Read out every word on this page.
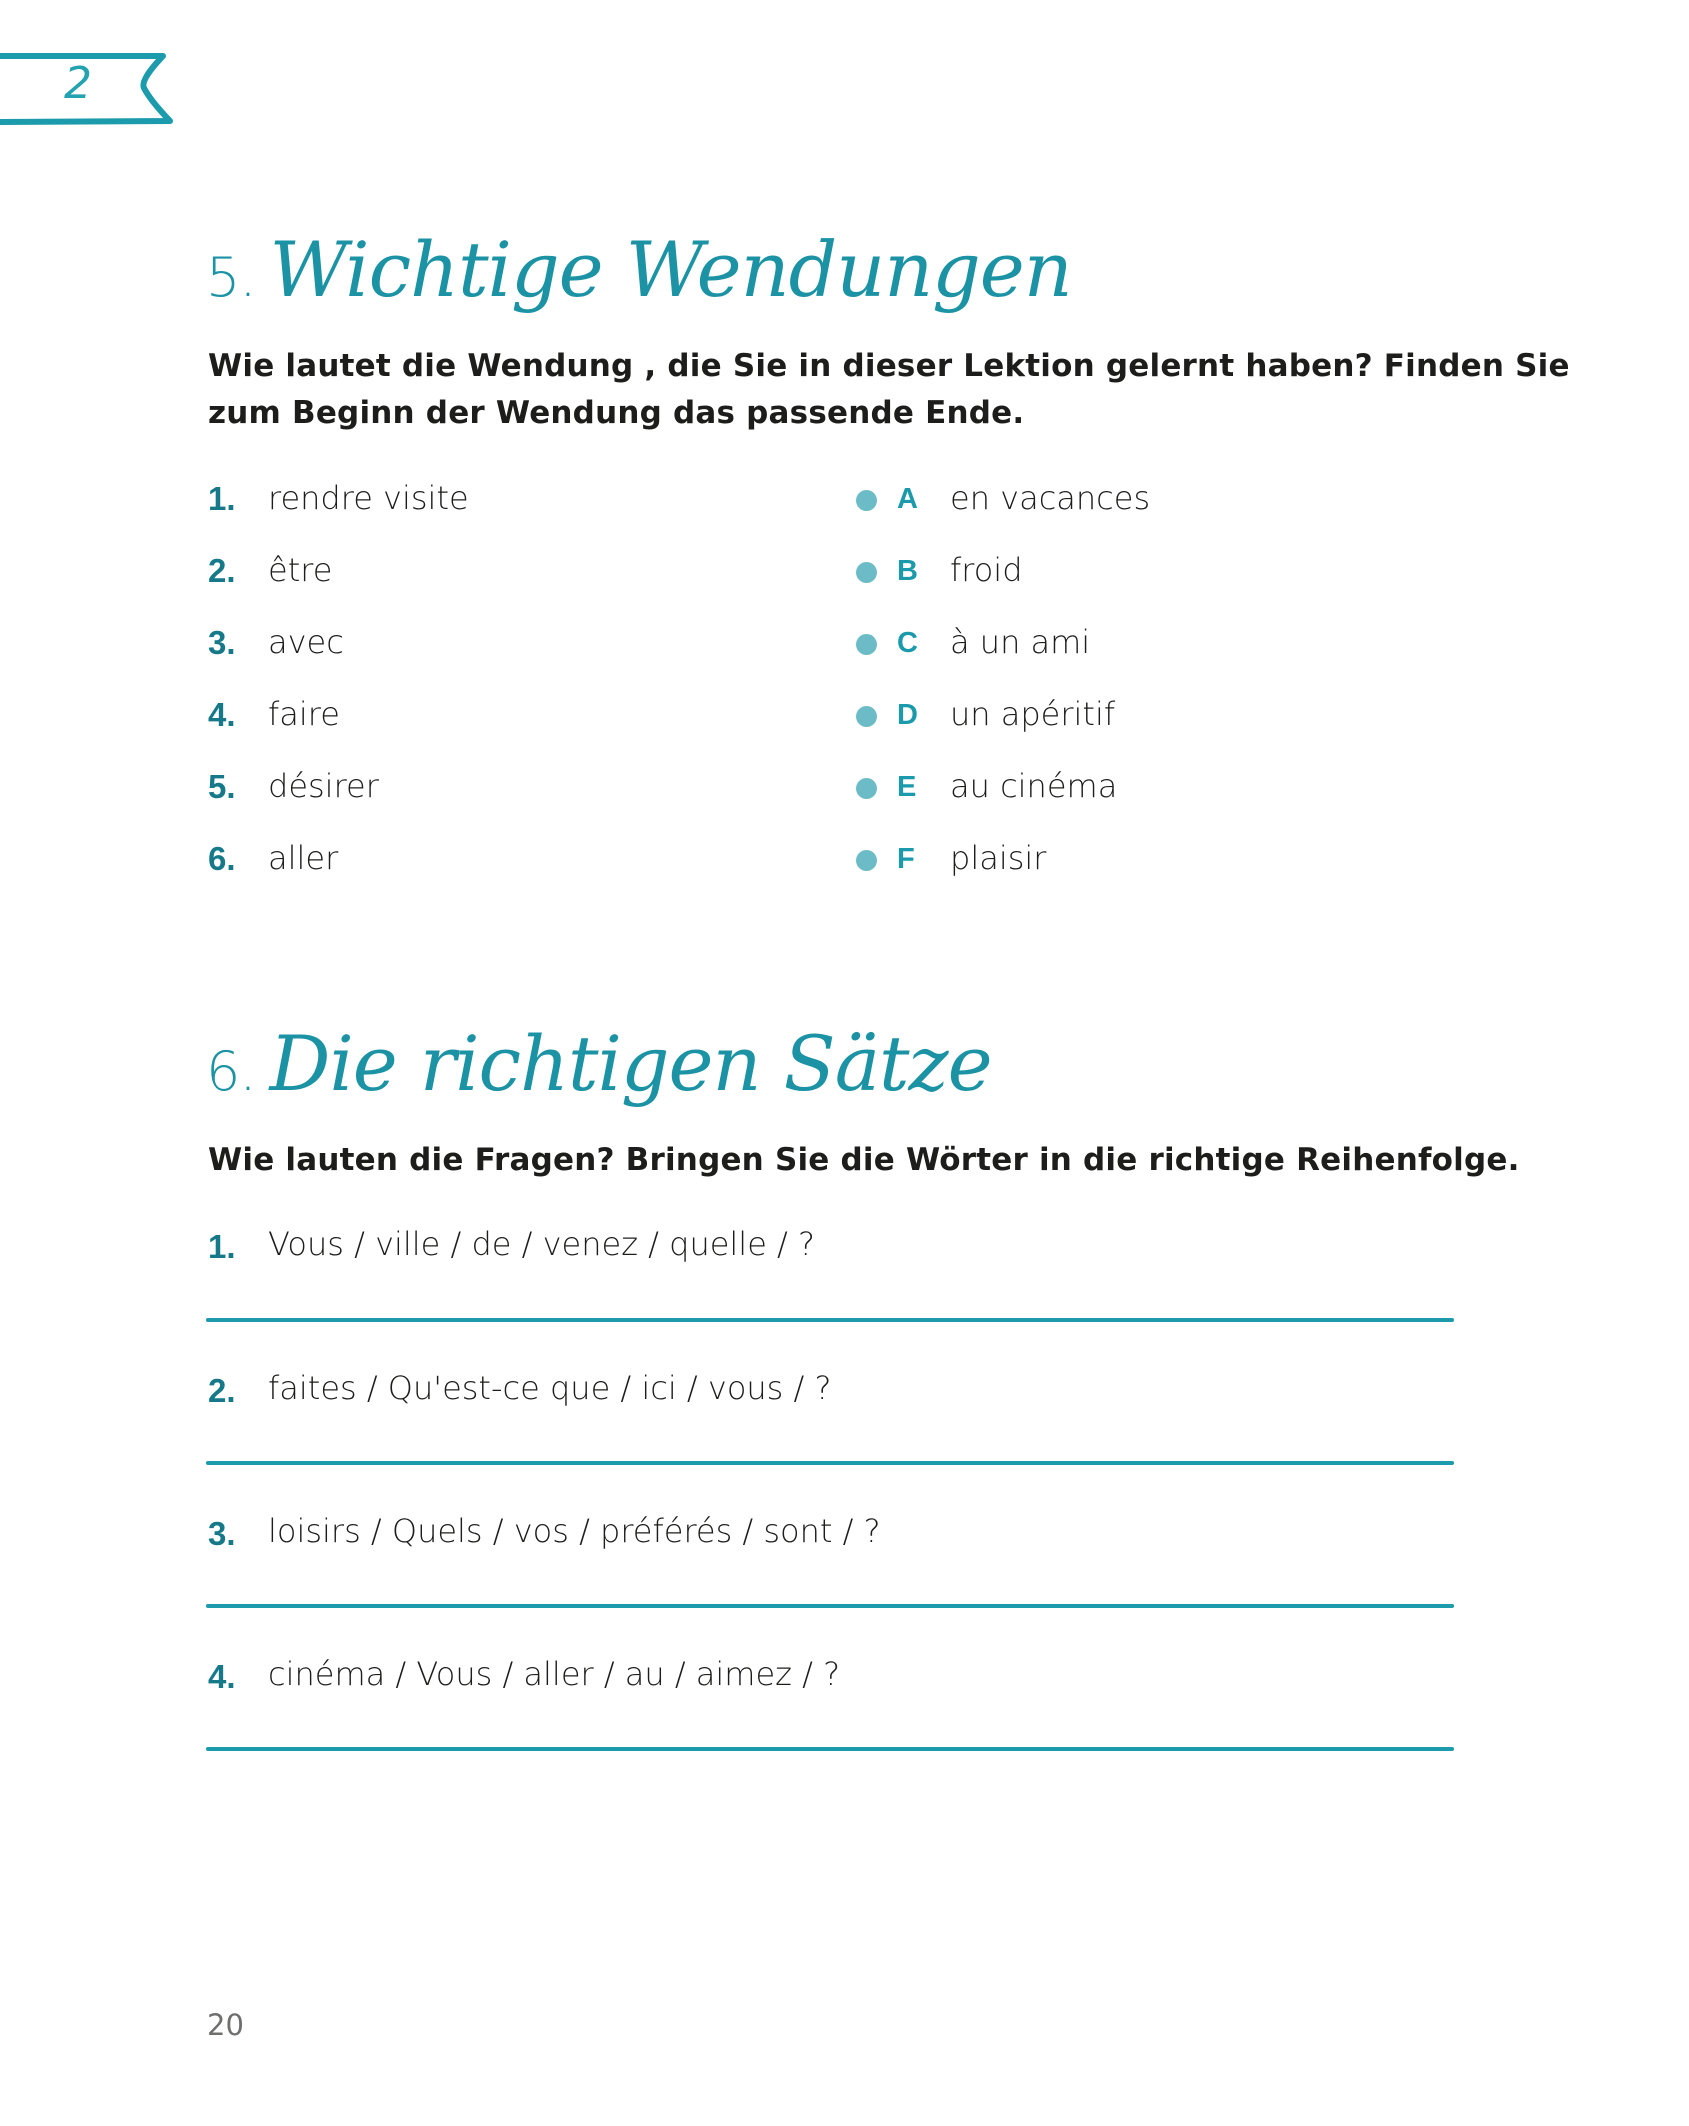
2
5. Wichtige Wendungen
Wie lautet die Wendung , die Sie in dieser Lektion gelernt haben? Finden Sie
zum Beginn der Wendung das passende Ende.
1. rendre visite
2. être
3. avec
4. faire
5. désirer
6. aller
A en vacances
B froid
C à un ami
D un apéritif
E au cinéma
F plaisir
6. Die richtigen Sätze
Wie lauten die Fragen? Bringen Sie die Wörter in die richtige Reihenfolge.
1. Vous / ville / de / venez / quelle / ?
2. faites / Qu'est-ce que / ici / vous / ?
3. loisirs / Quels / vos / préférés / sont / ?
4. cinéma / Vous / aller / au / aimez / ?
20
